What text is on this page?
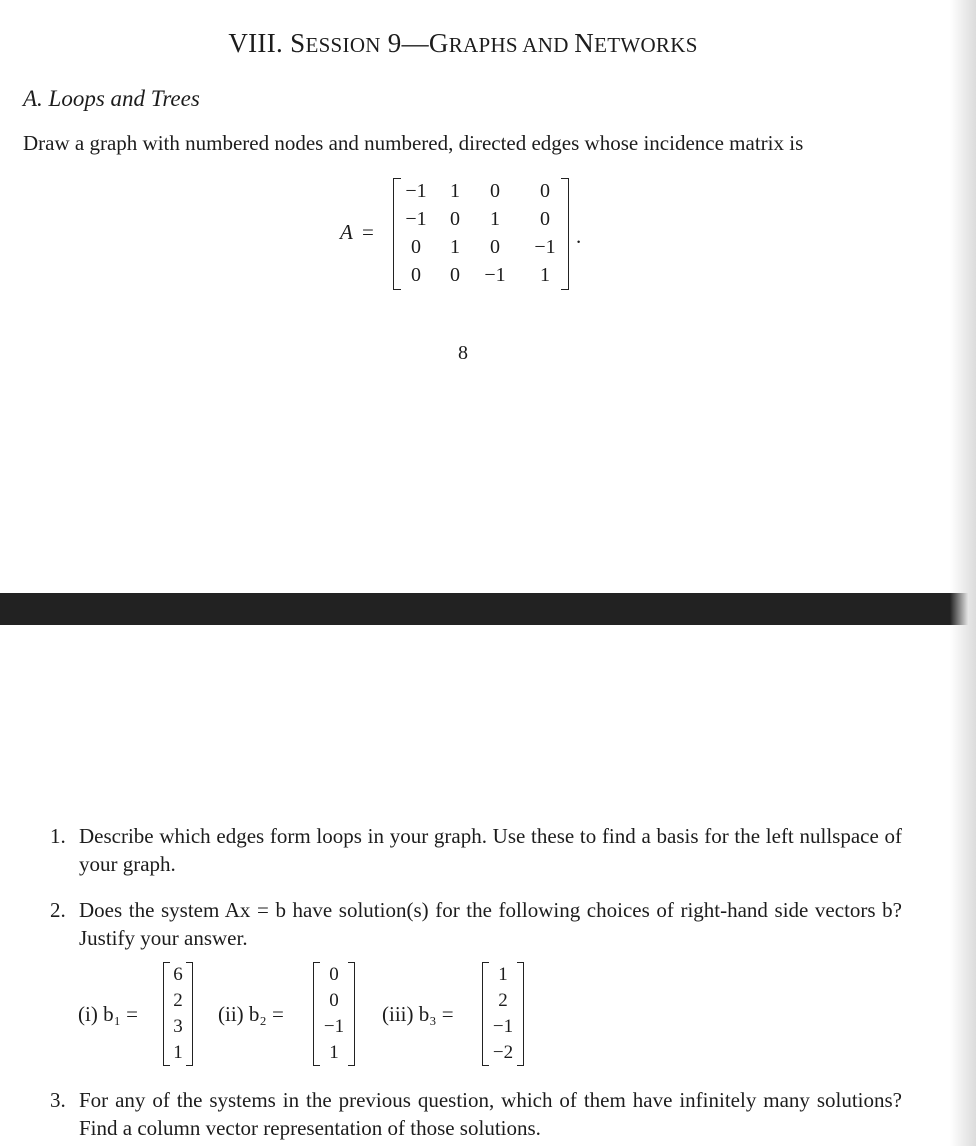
VIII. SESSION 9—GRAPHS AND NETWORKS
A. Loops and Trees
Draw a graph with numbered nodes and numbered, directed edges whose incidence matrix is
A =
−1	1	0	0
−1	0	1	0
0	1	0	−1
0	0	−1	1
.
8
1. Describe which edges form loops in your graph. Use these to find a basis for the left nullspace of your graph.
2. Does the system Ax = b have solution(s) for the following choices of right-hand side vectors b? Justify your answer.
(i) b₁ =
6
2
3
1
(ii) b₂ =
0
0
−1
1
(iii) b₃ =
1
2
−1
−2
3. For any of the systems in the previous question, which of them have infinitely many solutions? Find a column vector representation of those solutions.
